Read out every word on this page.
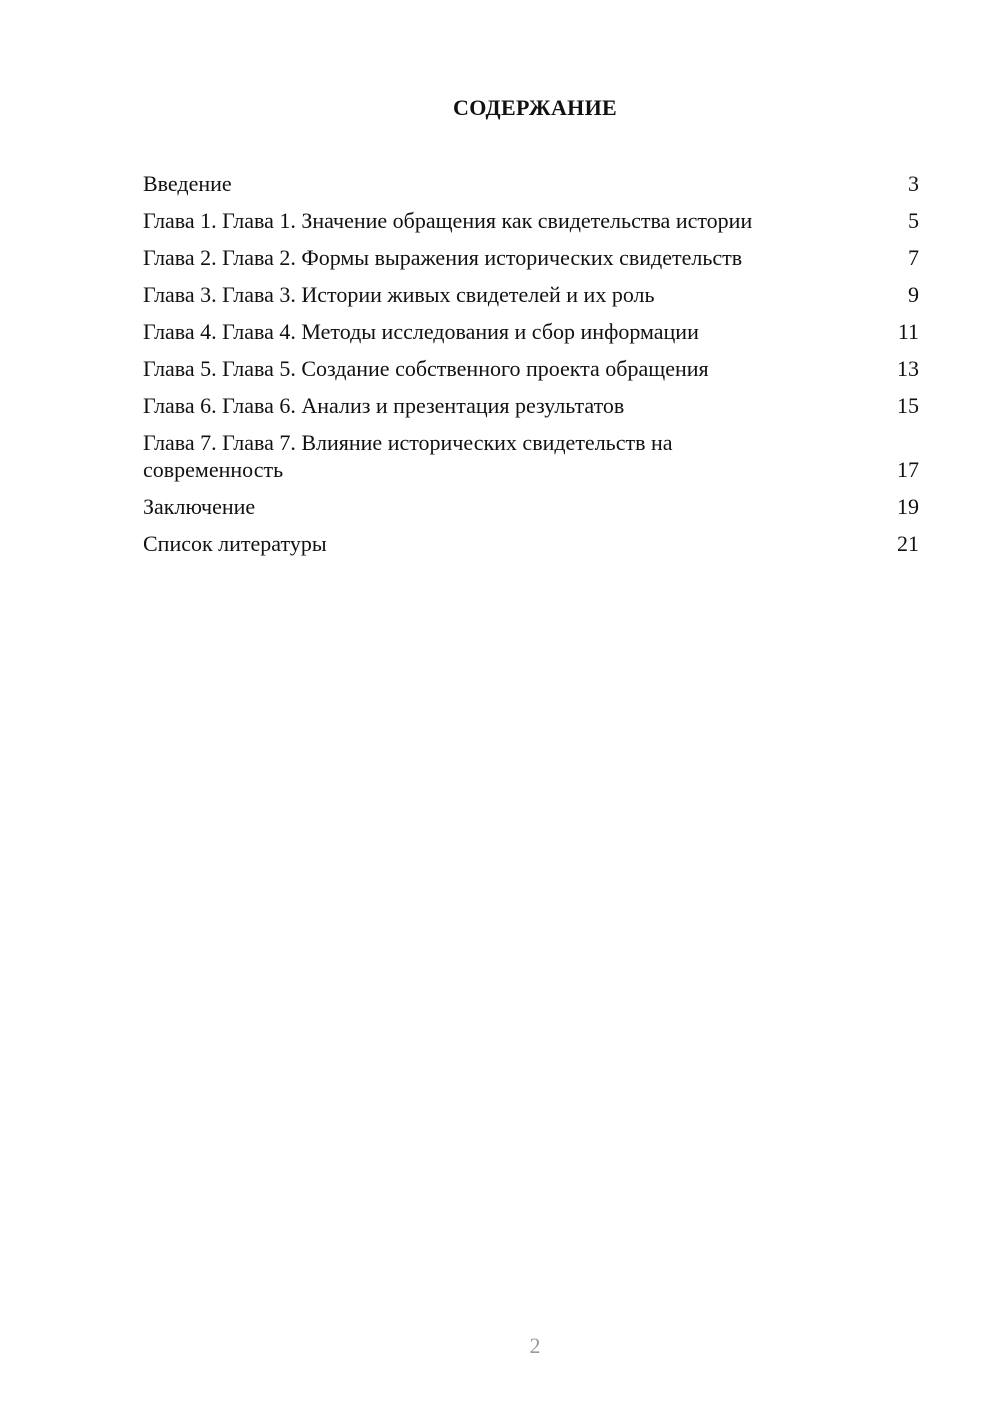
СОДЕРЖАНИЕ
Введение	3
Глава 1. Глава 1. Значение обращения как свидетельства истории	5
Глава 2. Глава 2. Формы выражения исторических свидетельств	7
Глава 3. Глава 3. Истории живых свидетелей и их роль	9
Глава 4. Глава 4. Методы исследования и сбор информации	11
Глава 5. Глава 5. Создание собственного проекта обращения	13
Глава 6. Глава 6. Анализ и презентация результатов	15
Глава 7. Глава 7. Влияние исторических свидетельств на современность	17
Заключение	19
Список литературы	21
2
